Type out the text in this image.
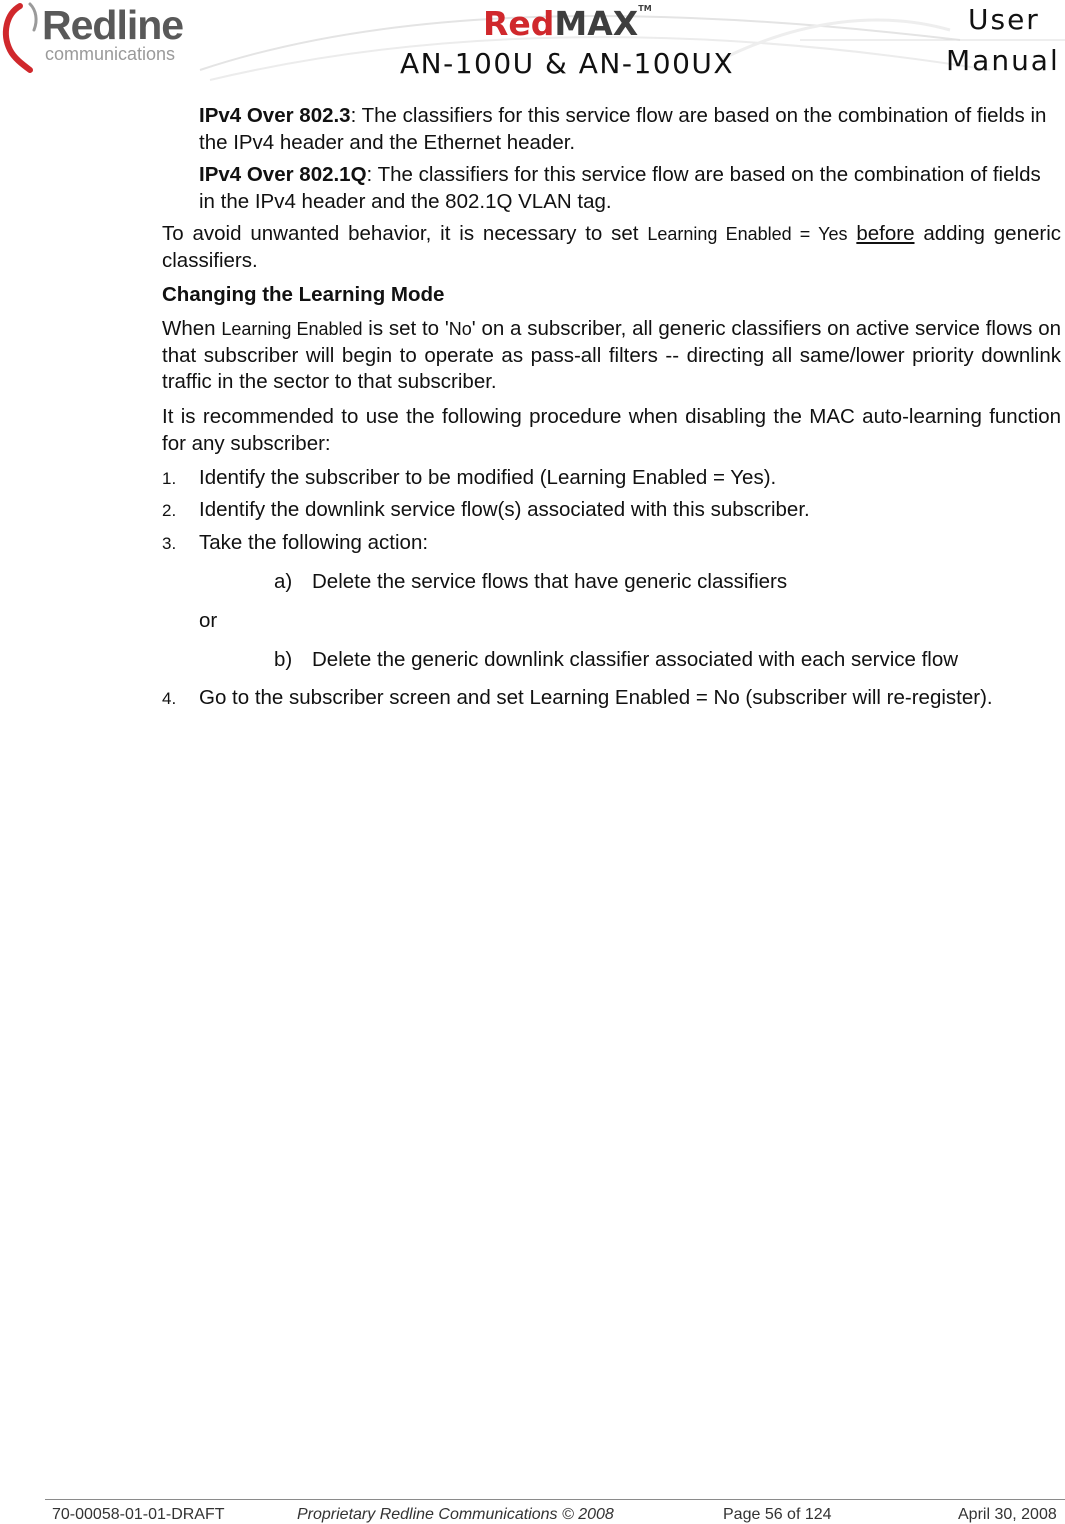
Redline
communications
RedMAX™
AN-100U & AN-100UX
User
Manual

IPv4 Over 802.3: The classifiers for this service flow are based on the combination of fields in the IPv4 header and the Ethernet header.

IPv4 Over 802.1Q: The classifiers for this service flow are based on the combination of fields in the IPv4 header and the 802.1Q VLAN tag.

To avoid unwanted behavior, it is necessary to set Learning Enabled = Yes before adding generic classifiers.

Changing the Learning Mode

When Learning Enabled is set to 'No' on a subscriber, all generic classifiers on active service flows on that subscriber will begin to operate as pass-all filters -- directing all same/lower priority downlink traffic in the sector to that subscriber.

It is recommended to use the following procedure when disabling the MAC auto-learning function for any subscriber:

1. Identify the subscriber to be modified (Learning Enabled = Yes).

2. Identify the downlink service flow(s) associated with this subscriber.

3. Take the following action:

a) Delete the service flows that have generic classifiers

or

b) Delete the generic downlink classifier associated with each service flow

4. Go to the subscriber screen and set Learning Enabled = No (subscriber will re-register).

70-00058-01-01-DRAFT	Proprietary Redline Communications © 2008	Page 56 of 124	April 30, 2008
